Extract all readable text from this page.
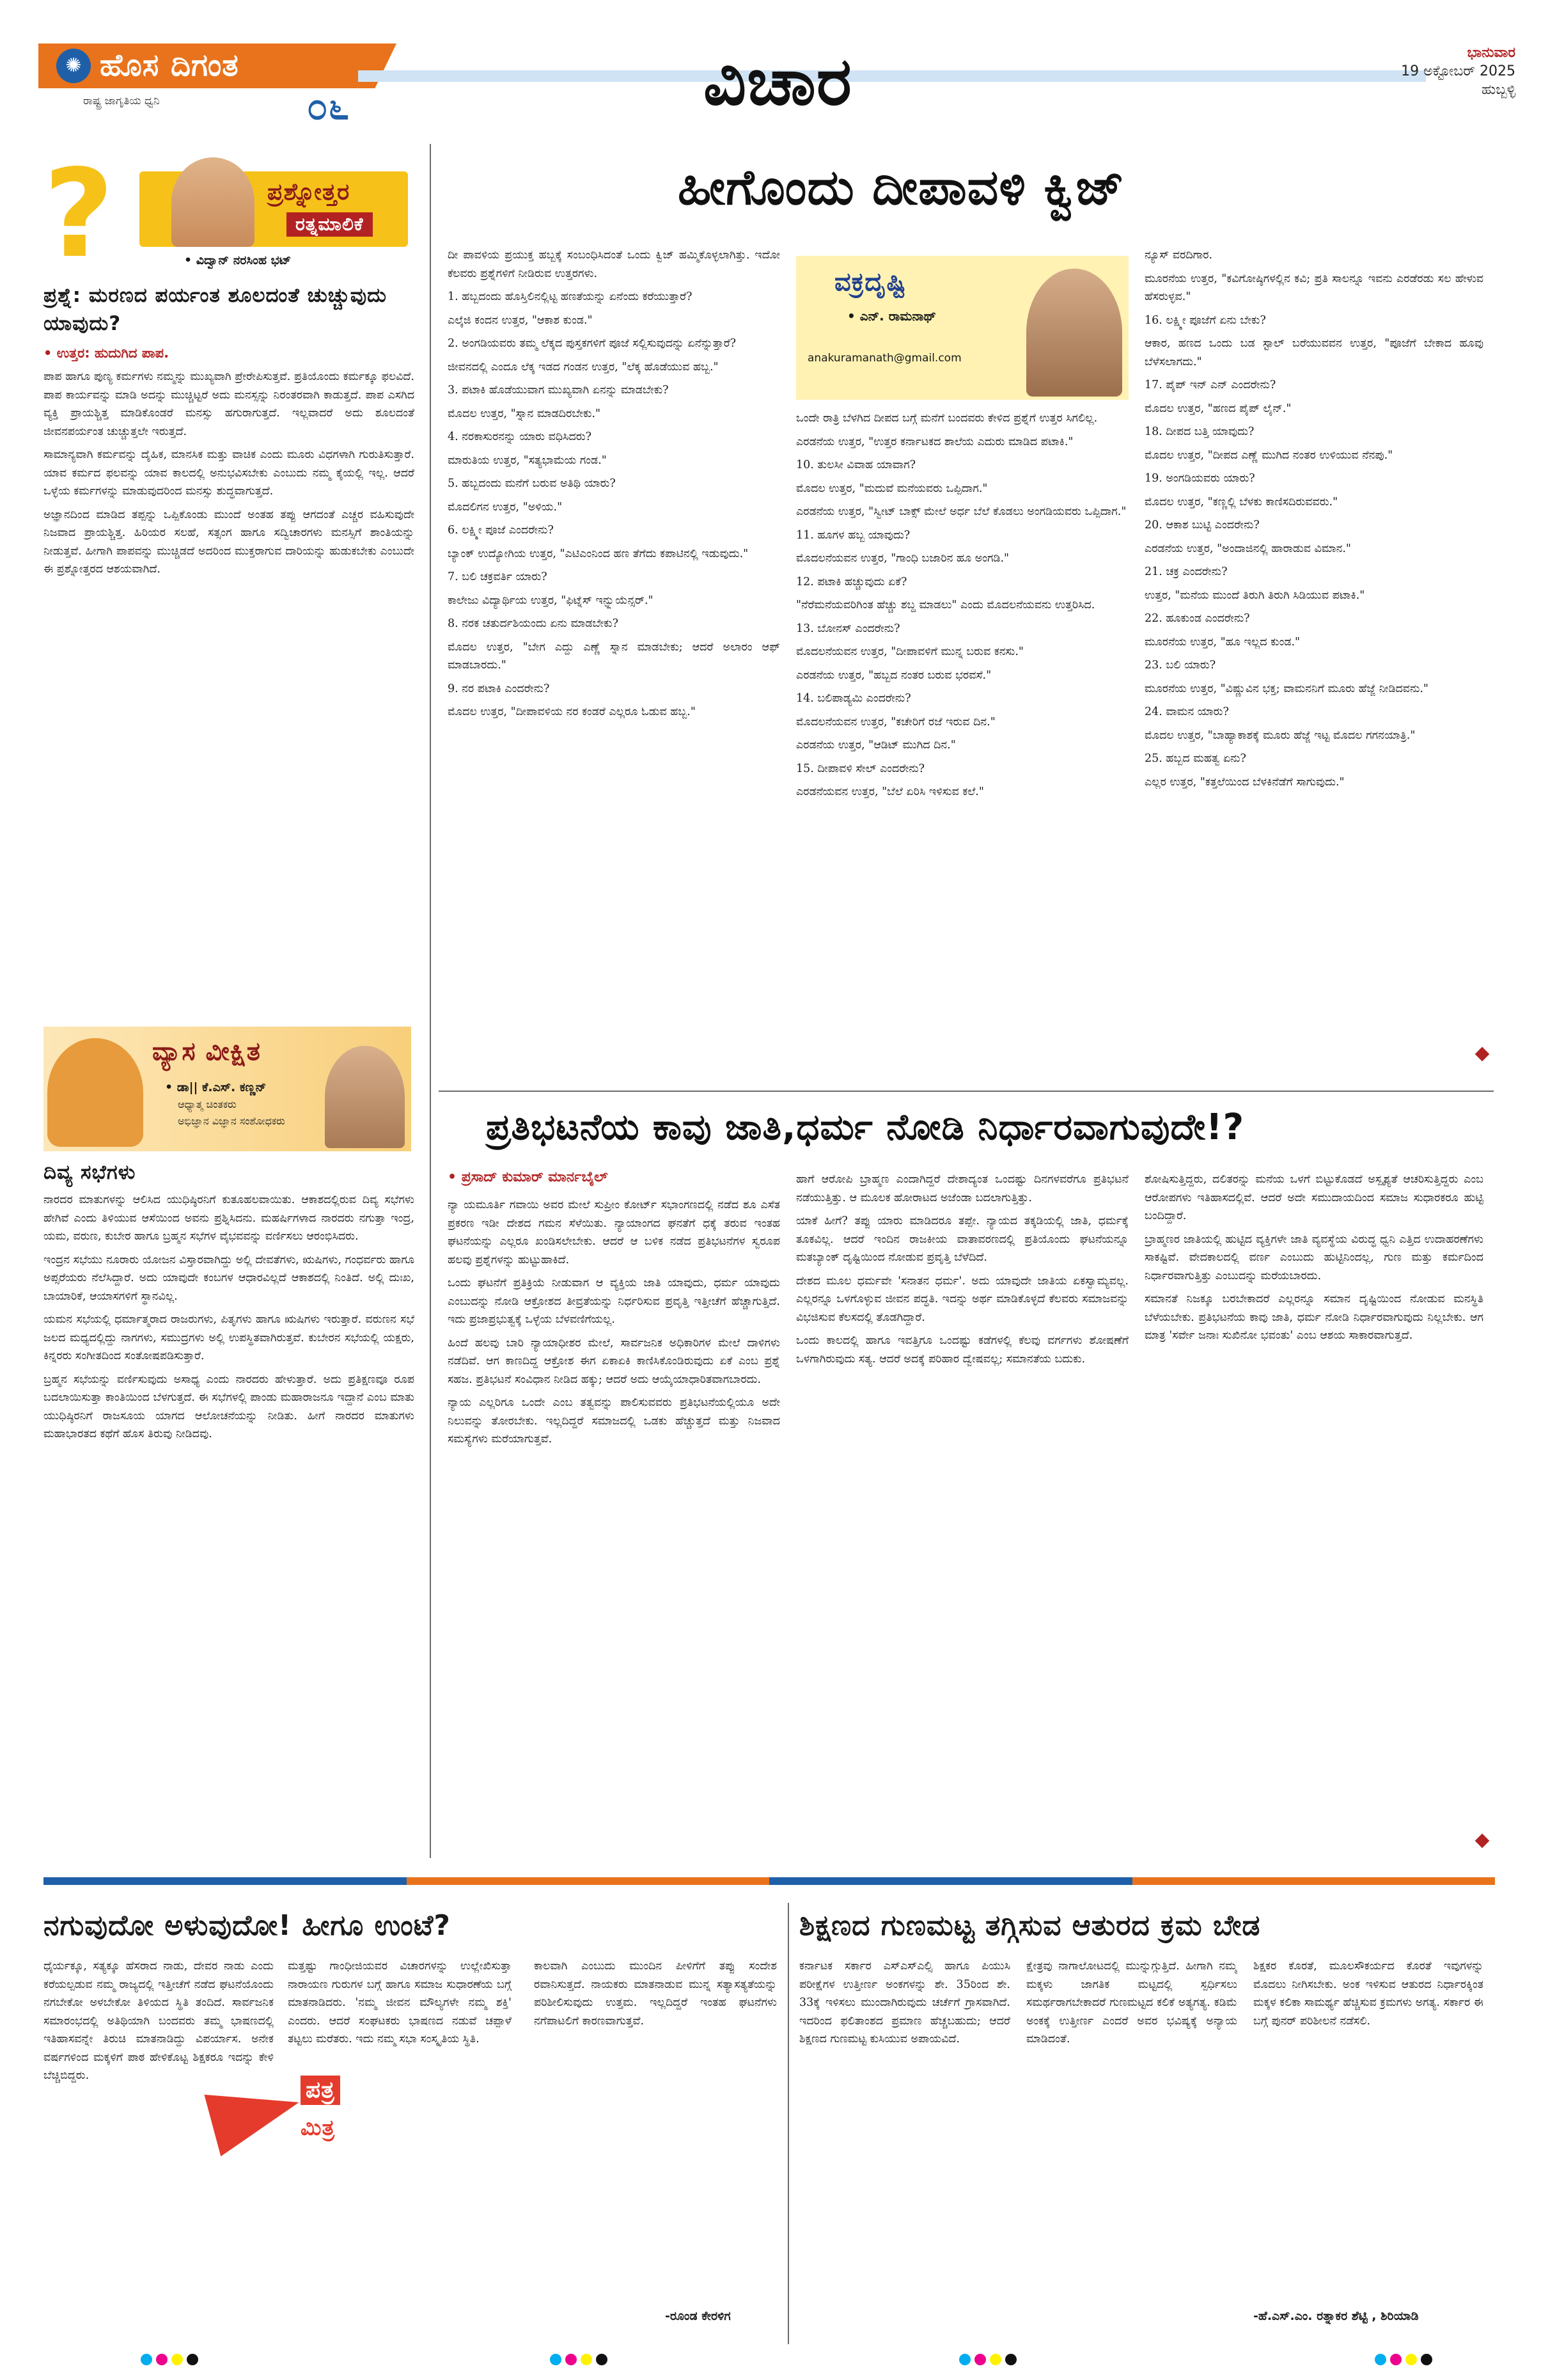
✺ ಹೊಸ ದಿಗಂತ
ರಾಷ್ಟ್ರ ಜಾಗೃತಿಯ ಧ್ವನಿ	೦೬	ವಿಚಾರ	ಭಾನುವಾರ
19 ಅಕ್ಟೋಬರ್ 2025
ಹುಬ್ಬಳ್ಳಿ
?	ಪ್ರಶ್ನೋತ್ತರ
ರತ್ನಮಾಲಿಕೆ
• ವಿದ್ವಾನ್ ನರಸಿಂಹ ಭಟ್
ಪ್ರಶ್ನೆ: ಮರಣದ ಪರ್ಯಂತ ಶೂಲದಂತೆ ಚುಚ್ಚುವುದು ಯಾವುದು?
• ಉತ್ತರ: ಹುದುಗಿದ ಪಾಪ.

ಪಾಪ ಹಾಗೂ ಪುಣ್ಯ ಕರ್ಮಗಳು ನಮ್ಮನ್ನು ಮುಖ್ಯವಾಗಿ ಪ್ರೇರೇಪಿಸುತ್ತವೆ. ಪ್ರತಿಯೊಂದು ಕರ್ಮಕ್ಕೂ ಫಲವಿದೆ. ಪಾಪ ಕಾರ್ಯವನ್ನು ಮಾಡಿ ಅದನ್ನು ಮುಚ್ಚಿಟ್ಟರೆ ಅದು ಮನಸ್ಸನ್ನು ನಿರಂತರವಾಗಿ ಕಾಡುತ್ತದೆ. ಪಾಪ ಎಸಗಿದ ವ್ಯಕ್ತಿ ಪ್ರಾಯಶ್ಚಿತ್ತ ಮಾಡಿಕೊಂಡರೆ ಮನಸ್ಸು ಹಗುರಾಗುತ್ತದೆ. ಇಲ್ಲವಾದರೆ ಅದು ಶೂಲದಂತೆ ಜೀವನಪರ್ಯಂತ ಚುಚ್ಚುತ್ತಲೇ ಇರುತ್ತದೆ.

ಸಾಮಾನ್ಯವಾಗಿ ಕರ್ಮವನ್ನು ದೈಹಿಕ, ಮಾನಸಿಕ ಮತ್ತು ವಾಚಿಕ ಎಂದು ಮೂರು ವಿಧಗಳಾಗಿ ಗುರುತಿಸುತ್ತಾರೆ. ಯಾವ ಕರ್ಮದ ಫಲವನ್ನು ಯಾವ ಕಾಲದಲ್ಲಿ ಅನುಭವಿಸಬೇಕು ಎಂಬುದು ನಮ್ಮ ಕೈಯಲ್ಲಿ ಇಲ್ಲ. ಆದರೆ ಒಳ್ಳೆಯ ಕರ್ಮಗಳನ್ನು ಮಾಡುವುದರಿಂದ ಮನಸ್ಸು ಶುದ್ಧವಾಗುತ್ತದೆ.

ಅಜ್ಞಾನದಿಂದ ಮಾಡಿದ ತಪ್ಪನ್ನು ಒಪ್ಪಿಕೊಂಡು ಮುಂದೆ ಅಂತಹ ತಪ್ಪು ಆಗದಂತೆ ಎಚ್ಚರ ವಹಿಸುವುದೇ ನಿಜವಾದ ಪ್ರಾಯಶ್ಚಿತ್ತ. ಹಿರಿಯರ ಸಲಹೆ, ಸತ್ಸಂಗ ಹಾಗೂ ಸದ್ವಿಚಾರಗಳು ಮನಸ್ಸಿಗೆ ಶಾಂತಿಯನ್ನು ನೀಡುತ್ತವೆ. ಹೀಗಾಗಿ ಪಾಪವನ್ನು ಮುಚ್ಚಿಡದೆ ಅದರಿಂದ ಮುಕ್ತರಾಗುವ ದಾರಿಯನ್ನು ಹುಡುಕಬೇಕು ಎಂಬುದೇ ಈ ಪ್ರಶ್ನೋತ್ತರದ ಆಶಯವಾಗಿದೆ.

ವ್ಯಾಸ ವೀಕ್ಷಿತ
• ಡಾ|| ಕೆ.ಎಸ್. ಕಣ್ಣನ್
ಆಧ್ಯಾತ್ಮ ಚಿಂತಕರು
ಅಭಿಜ್ಞಾನ ವಿಜ್ಞಾನ ಸಂಶೋಧಕರು
ದಿವ್ಯ ಸಭೆಗಳು

ನಾರದರ ಮಾತುಗಳನ್ನು ಆಲಿಸಿದ ಯುಧಿಷ್ಠಿರನಿಗೆ ಕುತೂಹಲವಾಯಿತು. ಆಕಾಶದಲ್ಲಿರುವ ದಿವ್ಯ ಸಭೆಗಳು ಹೇಗಿವೆ ಎಂದು ತಿಳಿಯುವ ಆಸೆಯಿಂದ ಅವನು ಪ್ರಶ್ನಿಸಿದನು. ಮಹರ್ಷಿಗಳಾದ ನಾರದರು ನಗುತ್ತಾ ಇಂದ್ರ, ಯಮ, ವರುಣ, ಕುಬೇರ ಹಾಗೂ ಬ್ರಹ್ಮನ ಸಭೆಗಳ ವೈಭವವನ್ನು ವರ್ಣಿಸಲು ಆರಂಭಿಸಿದರು.

ಇಂದ್ರನ ಸಭೆಯು ನೂರಾರು ಯೋಜನ ವಿಸ್ತಾರವಾಗಿದ್ದು ಅಲ್ಲಿ ದೇವತೆಗಳು, ಋಷಿಗಳು, ಗಂಧರ್ವರು ಹಾಗೂ ಅಪ್ಸರೆಯರು ನೆಲೆಸಿದ್ದಾರೆ. ಅದು ಯಾವುದೇ ಕಂಬಗಳ ಆಧಾರವಿಲ್ಲದೆ ಆಕಾಶದಲ್ಲಿ ನಿಂತಿದೆ. ಅಲ್ಲಿ ದುಃಖ, ಬಾಯಾರಿಕೆ, ಆಯಾಸಗಳಿಗೆ ಸ್ಥಾನವಿಲ್ಲ.

ಯಮನ ಸಭೆಯಲ್ಲಿ ಧರ್ಮಾತ್ಮರಾದ ರಾಜರುಗಳು, ಪಿತೃಗಳು ಹಾಗೂ ಋಷಿಗಳು ಇರುತ್ತಾರೆ. ವರುಣನ ಸಭೆ ಜಲದ ಮಧ್ಯದಲ್ಲಿದ್ದು ನಾಗಗಳು, ಸಮುದ್ರಗಳು ಅಲ್ಲಿ ಉಪಸ್ಥಿತವಾಗಿರುತ್ತವೆ. ಕುಬೇರನ ಸಭೆಯಲ್ಲಿ ಯಕ್ಷರು, ಕಿನ್ನರರು ಸಂಗೀತದಿಂದ ಸಂತೋಷಪಡಿಸುತ್ತಾರೆ.

ಬ್ರಹ್ಮನ ಸಭೆಯನ್ನು ವರ್ಣಿಸುವುದು ಅಸಾಧ್ಯ ಎಂದು ನಾರದರು ಹೇಳುತ್ತಾರೆ. ಅದು ಪ್ರತಿಕ್ಷಣವೂ ರೂಪ ಬದಲಾಯಿಸುತ್ತಾ ಕಾಂತಿಯಿಂದ ಬೆಳಗುತ್ತದೆ. ಈ ಸಭೆಗಳಲ್ಲಿ ಪಾಂಡು ಮಹಾರಾಜನೂ ಇದ್ದಾನೆ ಎಂಬ ಮಾತು ಯುಧಿಷ್ಠಿರನಿಗೆ ರಾಜಸೂಯ ಯಾಗದ ಆಲೋಚನೆಯನ್ನು ನೀಡಿತು. ಹೀಗೆ ನಾರದರ ಮಾತುಗಳು ಮಹಾಭಾರತದ ಕಥೆಗೆ ಹೊಸ ತಿರುವು ನೀಡಿದವು.

ಹೀಗೊಂದು ದೀಪಾವಳಿ ಕ್ವಿಜ್

ದೀ ಪಾವಳಿಯ ಪ್ರಯುಕ್ತ ಹಬ್ಬಕ್ಕೆ ಸಂಬಂಧಿಸಿದಂತೆ ಒಂದು ಕ್ವಿಜ್ ಹಮ್ಮಿಕೊಳ್ಳಲಾಗಿತ್ತು. ಇದೋ ಕೆಲವರು ಪ್ರಶ್ನೆಗಳಿಗೆ ನೀಡಿರುವ ಉತ್ತರಗಳು.

1. ಹಬ್ಬದಂದು ಹೊಸ್ತಿಲಿನಲ್ಲಿಟ್ಟ ಹಣತೆಯನ್ನು ಏನೆಂದು ಕರೆಯುತ್ತಾರೆ?

ಎಲ್ಕೆಜಿ ಕಂದನ ಉತ್ತರ, "ಆಕಾಶ ಕುಂಡ."

2. ಅಂಗಡಿಯವರು ತಮ್ಮ ಲೆಕ್ಕದ ಪುಸ್ತಕಗಳಿಗೆ ಪೂಜೆ ಸಲ್ಲಿಸುವುದನ್ನು ಏನೆನ್ನುತ್ತಾರೆ?

ಜೀವನದಲ್ಲಿ ಎಂದೂ ಲೆಕ್ಕ ಇಡದ ಗಂಡನ ಉತ್ತರ, "ಲೆಕ್ಕ ಹೊಡೆಯುವ ಹಬ್ಬ."

3. ಪಟಾಕಿ ಹೊಡೆಯುವಾಗ ಮುಖ್ಯವಾಗಿ ಏನನ್ನು ಮಾಡಬೇಕು?

ಮೊದಲ ಉತ್ತರ, "ಸ್ನಾನ ಮಾಡದಿರಬೇಕು."

4. ನರಕಾಸುರನನ್ನು ಯಾರು ವಧಿಸಿದರು?

ಮಾರುತಿಯ ಉತ್ತರ, "ಸತ್ಯಭಾಮೆಯ ಗಂಡ."

5. ಹಬ್ಬದಂದು ಮನೆಗೆ ಬರುವ ಅತಿಥಿ ಯಾರು?

ಮೊದಲಿಗನ ಉತ್ತರ, "ಅಳಿಯ."

6. ಲಕ್ಷ್ಮೀ ಪೂಜೆ ಎಂದರೇನು?

ಬ್ಯಾಂಕ್ ಉದ್ಯೋಗಿಯ ಉತ್ತರ, "ಎಟಿಎಂನಿಂದ ಹಣ ತೆಗೆದು ಕಪಾಟಿನಲ್ಲಿ ಇಡುವುದು."

7. ಬಲಿ ಚಕ್ರವರ್ತಿ ಯಾರು?

ಕಾಲೇಜು ವಿದ್ಯಾರ್ಥಿಯ ಉತ್ತರ, "ಫಿಟ್ನೆಸ್ ಇನ್ಫ್ಲುಯೆನ್ಸರ್."

8. ನರಕ ಚತುರ್ದಶಿಯಂದು ಏನು ಮಾಡಬೇಕು?

ಮೊದಲ ಉತ್ತರ, "ಬೇಗ ಎದ್ದು ಎಣ್ಣೆ ಸ್ನಾನ ಮಾಡಬೇಕು; ಆದರೆ ಅಲಾರಂ ಆಫ್ ಮಾಡಬಾರದು."

9. ನರ ಪಟಾಕಿ ಎಂದರೇನು?

ಮೊದಲ ಉತ್ತರ, "ದೀಪಾವಳಿಯ ನರ ಕಂಡರೆ ಎಲ್ಲರೂ ಓಡುವ ಹಬ್ಬ."

ವಕ್ರದೃಷ್ಟಿ
• ಎನ್. ರಾಮನಾಥ್
anakuramanath@gmail.com

ಒಂದೇ ರಾತ್ರಿ ಬೆಳಗಿದ ದೀಪದ ಬಗ್ಗೆ ಮನೆಗೆ ಬಂದವರು ಕೇಳಿದ ಪ್ರಶ್ನೆಗೆ ಉತ್ತರ ಸಿಗಲಿಲ್ಲ.

ಎರಡನೆಯ ಉತ್ತರ, "ಉತ್ತರ ಕರ್ನಾಟಕದ ಶಾಲೆಯ ಎದುರು ಮಾಡಿದ ಪಟಾಕಿ."

10. ತುಲಸೀ ವಿವಾಹ ಯಾವಾಗ?

ಮೊದಲ ಉತ್ತರ, "ಮದುವೆ ಮನೆಯವರು ಒಪ್ಪಿದಾಗ."

ಎರಡನೆಯ ಉತ್ತರ, "ಸ್ವೀಟ್ ಬಾಕ್ಸ್ ಮೇಲೆ ಅರ್ಧ ಬೆಲೆ ಕೊಡಲು ಅಂಗಡಿಯವರು ಒಪ್ಪಿದಾಗ."

11. ಹೂಗಳ ಹಬ್ಬ ಯಾವುದು?

ಮೊದಲನೆಯವನ ಉತ್ತರ, "ಗಾಂಧಿ ಬಜಾರಿನ ಹೂ ಅಂಗಡಿ."

12. ಪಟಾಕಿ ಹಚ್ಚುವುದು ಏಕೆ?

"ನೆರೆಮನೆಯವರಿಗಿಂತ ಹೆಚ್ಚು ಶಬ್ದ ಮಾಡಲು" ಎಂದು ಮೊದಲನೆಯವನು ಉತ್ತರಿಸಿದ.

13. ಬೋನಸ್ ಎಂದರೇನು?

ಮೊದಲನೆಯವನ ಉತ್ತರ, "ದೀಪಾವಳಿಗೆ ಮುನ್ನ ಬರುವ ಕನಸು."

ಎರಡನೆಯ ಉತ್ತರ, "ಹಬ್ಬದ ನಂತರ ಬರುವ ಭರವಸೆ."

14. ಬಲಿಪಾಡ್ಯಮಿ ಎಂದರೇನು?

ಮೊದಲನೆಯವನ ಉತ್ತರ, "ಕಚೇರಿಗೆ ರಜೆ ಇರುವ ದಿನ."

ಎರಡನೆಯ ಉತ್ತರ, "ಆಡಿಟ್ ಮುಗಿದ ದಿನ."

15. ದೀಪಾವಳಿ ಸೇಲ್ ಎಂದರೇನು?

ಎರಡನೆಯವನ ಉತ್ತರ, "ಬೆಲೆ ಏರಿಸಿ ಇಳಿಸುವ ಕಲೆ."

ನ್ಯೂಸ್ ವರದಿಗಾರ.

ಮೂರನೆಯ ಉತ್ತರ, "ಕವಿಗೋಷ್ಠಿಗಳಲ್ಲಿನ ಕವಿ; ಪ್ರತಿ ಸಾಲನ್ನೂ ಇವನು ಎರಡೆರಡು ಸಲ ಹೇಳುವ ಹೆಸರುಳ್ಳವ."

16. ಲಕ್ಷ್ಮೀ ಪೂಜೆಗೆ ಏನು ಬೇಕು?

ಆಕಾರ, ಹಣದ ಒಂದು ಬಡ ಸ್ಟಾಲ್ ಬರೆಯುವವನ ಉತ್ತರ, "ಪೂಜೆಗೆ ಬೇಕಾದ ಹೂವು ಬೆಳೆಸಲಾಗದು."

17. ಪೈಪ್ ಇನ್ ಎನ್ ಎಂದರೇನು?

ಮೊದಲ ಉತ್ತರ, "ಹಣದ ಪೈಪ್ ಲೈನ್."

18. ದೀಪದ ಬತ್ತಿ ಯಾವುದು?

ಮೊದಲ ಉತ್ತರ, "ದೀಪದ ಎಣ್ಣೆ ಮುಗಿದ ನಂತರ ಉಳಿಯುವ ನೆನಪು."

19. ಅಂಗಡಿಯವರು ಯಾರು?

ಮೊದಲ ಉತ್ತರ, "ಕಣ್ಣಲ್ಲಿ ಬೆಳಕು ಕಾಣಿಸದಿರುವವರು."

20. ಆಕಾಶ ಬುಟ್ಟಿ ಎಂದರೇನು?

ಎರಡನೆಯ ಉತ್ತರ, "ಅಂದಾಜಿನಲ್ಲಿ ಹಾರಾಡುವ ವಿಮಾನ."

21. ಚಕ್ರ ಎಂದರೇನು?

ಉತ್ತರ, "ಮನೆಯ ಮುಂದೆ ತಿರುಗಿ ತಿರುಗಿ ಸಿಡಿಯುವ ಪಟಾಕಿ."

22. ಹೂಕುಂಡ ಎಂದರೇನು?

ಮೂರನೆಯ ಉತ್ತರ, "ಹೂ ಇಲ್ಲದ ಕುಂಡ."

23. ಬಲಿ ಯಾರು?

ಮೂರನೆಯ ಉತ್ತರ, "ವಿಷ್ಣುವಿನ ಭಕ್ತ; ವಾಮನನಿಗೆ ಮೂರು ಹೆಜ್ಜೆ ನೀಡಿದವನು."

24. ವಾಮನ ಯಾರು?

ಮೊದಲ ಉತ್ತರ, "ಬಾಹ್ಯಾಕಾಶಕ್ಕೆ ಮೂರು ಹೆಜ್ಜೆ ಇಟ್ಟ ಮೊದಲ ಗಗನಯಾತ್ರಿ."

25. ಹಬ್ಬದ ಮಹತ್ವ ಏನು?

ಎಲ್ಲರ ಉತ್ತರ, "ಕತ್ತಲೆಯಿಂದ ಬೆಳಕಿನೆಡೆಗೆ ಸಾಗುವುದು."

ಪ್ರತಿಭಟನೆಯ ಕಾವು ಜಾತಿ,ಧರ್ಮ ನೋಡಿ ನಿರ್ಧಾರವಾಗುವುದೇ!?
• ಪ್ರಸಾದ್ ಕುಮಾರ್ ಮಾರ್ನಬೈಲ್

ನ್ಯಾ ಯಮೂರ್ತಿ ಗವಾಯಿ ಅವರ ಮೇಲೆ ಸುಪ್ರೀಂ ಕೋರ್ಟ್ ಸಭಾಂಗಣದಲ್ಲಿ ನಡೆದ ಶೂ ಎಸೆತ ಪ್ರಕರಣ ಇಡೀ ದೇಶದ ಗಮನ ಸೆಳೆಯಿತು. ನ್ಯಾಯಾಂಗದ ಘನತೆಗೆ ಧಕ್ಕೆ ತರುವ ಇಂತಹ ಘಟನೆಯನ್ನು ಎಲ್ಲರೂ ಖಂಡಿಸಲೇಬೇಕು. ಆದರೆ ಆ ಬಳಿಕ ನಡೆದ ಪ್ರತಿಭಟನೆಗಳ ಸ್ವರೂಪ ಹಲವು ಪ್ರಶ್ನೆಗಳನ್ನು ಹುಟ್ಟುಹಾಕಿದೆ.

ಒಂದು ಘಟನೆಗೆ ಪ್ರತಿಕ್ರಿಯೆ ನೀಡುವಾಗ ಆ ವ್ಯಕ್ತಿಯ ಜಾತಿ ಯಾವುದು, ಧರ್ಮ ಯಾವುದು ಎಂಬುದನ್ನು ನೋಡಿ ಆಕ್ರೋಶದ ತೀವ್ರತೆಯನ್ನು ನಿರ್ಧರಿಸುವ ಪ್ರವೃತ್ತಿ ಇತ್ತೀಚೆಗೆ ಹೆಚ್ಚಾಗುತ್ತಿದೆ. ಇದು ಪ್ರಜಾಪ್ರಭುತ್ವಕ್ಕೆ ಒಳ್ಳೆಯ ಬೆಳವಣಿಗೆಯಲ್ಲ.

ಹಿಂದೆ ಹಲವು ಬಾರಿ ನ್ಯಾಯಾಧೀಶರ ಮೇಲೆ, ಸಾರ್ವಜನಿಕ ಅಧಿಕಾರಿಗಳ ಮೇಲೆ ದಾಳಿಗಳು ನಡೆದಿವೆ. ಆಗ ಕಾಣದಿದ್ದ ಆಕ್ರೋಶ ಈಗ ಏಕಾಏಕಿ ಕಾಣಿಸಿಕೊಂಡಿರುವುದು ಏಕೆ ಎಂಬ ಪ್ರಶ್ನೆ ಸಹಜ. ಪ್ರತಿಭಟನೆ ಸಂವಿಧಾನ ನೀಡಿದ ಹಕ್ಕು; ಆದರೆ ಅದು ಆಯ್ಕೆಯಾಧಾರಿತವಾಗಬಾರದು.

ನ್ಯಾಯ ಎಲ್ಲರಿಗೂ ಒಂದೇ ಎಂಬ ತತ್ವವನ್ನು ಪಾಲಿಸುವವರು ಪ್ರತಿಭಟನೆಯಲ್ಲಿಯೂ ಅದೇ ನಿಲುವನ್ನು ತೋರಬೇಕು. ಇಲ್ಲದಿದ್ದರೆ ಸಮಾಜದಲ್ಲಿ ಒಡಕು ಹೆಚ್ಚುತ್ತದೆ ಮತ್ತು ನಿಜವಾದ ಸಮಸ್ಯೆಗಳು ಮರೆಯಾಗುತ್ತವೆ.

ಹಾಗೆ ಆರೋಪಿ ಬ್ರಾಹ್ಮಣ ಎಂದಾಗಿದ್ದರೆ ದೇಶಾದ್ಯಂತ ಒಂದಷ್ಟು ದಿನಗಳವರೆಗೂ ಪ್ರತಿಭಟನೆ ನಡೆಯುತ್ತಿತ್ತು. ಆ ಮೂಲಕ ಹೋರಾಟದ ಅಜೆಂಡಾ ಬದಲಾಗುತ್ತಿತ್ತು.

ಯಾಕೆ ಹೀಗೆ? ತಪ್ಪು ಯಾರು ಮಾಡಿದರೂ ತಪ್ಪೇ. ನ್ಯಾಯದ ತಕ್ಕಡಿಯಲ್ಲಿ ಜಾತಿ, ಧರ್ಮಕ್ಕೆ ತೂಕವಿಲ್ಲ. ಆದರೆ ಇಂದಿನ ರಾಜಕೀಯ ವಾತಾವರಣದಲ್ಲಿ ಪ್ರತಿಯೊಂದು ಘಟನೆಯನ್ನೂ ಮತಬ್ಯಾಂಕ್ ದೃಷ್ಟಿಯಿಂದ ನೋಡುವ ಪ್ರವೃತ್ತಿ ಬೆಳೆದಿದೆ.

ದೇಶದ ಮೂಲ ಧರ್ಮವೇ 'ಸನಾತನ ಧರ್ಮ'. ಅದು ಯಾವುದೇ ಜಾತಿಯ ಏಕಸ್ವಾಮ್ಯವಲ್ಲ. ಎಲ್ಲರನ್ನೂ ಒಳಗೊಳ್ಳುವ ಜೀವನ ಪದ್ಧತಿ. ಇದನ್ನು ಅರ್ಥ ಮಾಡಿಕೊಳ್ಳದೆ ಕೆಲವರು ಸಮಾಜವನ್ನು ವಿಭಜಿಸುವ ಕೆಲಸದಲ್ಲಿ ತೊಡಗಿದ್ದಾರೆ.

ಒಂದು ಕಾಲದಲ್ಲಿ ಹಾಗೂ ಇವತ್ತಿಗೂ ಒಂದಷ್ಟು ಕಡೆಗಳಲ್ಲಿ ಕೆಲವು ವರ್ಗಗಳು ಶೋಷಣೆಗೆ ಒಳಗಾಗಿರುವುದು ಸತ್ಯ. ಆದರೆ ಅದಕ್ಕೆ ಪರಿಹಾರ ದ್ವೇಷವಲ್ಲ; ಸಮಾನತೆಯ ಬದುಕು.

ಶೋಷಿಸುತ್ತಿದ್ದರು, ದಲಿತರನ್ನು ಮನೆಯ ಒಳಗೆ ಬಿಟ್ಟುಕೊಡದೆ ಅಸ್ಪೃಶ್ಯತೆ ಆಚರಿಸುತ್ತಿದ್ದರು ಎಂಬ ಆರೋಪಗಳು ಇತಿಹಾಸದಲ್ಲಿವೆ. ಆದರೆ ಅದೇ ಸಮುದಾಯದಿಂದ ಸಮಾಜ ಸುಧಾರಕರೂ ಹುಟ್ಟಿ ಬಂದಿದ್ದಾರೆ.

ಬ್ರಾಹ್ಮಣರ ಜಾತಿಯಲ್ಲಿ ಹುಟ್ಟಿದ ವ್ಯಕ್ತಿಗಳೇ ಜಾತಿ ವ್ಯವಸ್ಥೆಯ ವಿರುದ್ಧ ಧ್ವನಿ ಎತ್ತಿದ ಉದಾಹರಣೆಗಳು ಸಾಕಷ್ಟಿವೆ. ವೇದಕಾಲದಲ್ಲಿ ವರ್ಣ ಎಂಬುದು ಹುಟ್ಟಿನಿಂದಲ್ಲ, ಗುಣ ಮತ್ತು ಕರ್ಮದಿಂದ ನಿರ್ಧಾರವಾಗುತ್ತಿತ್ತು ಎಂಬುದನ್ನು ಮರೆಯಬಾರದು.

ಸಮಾನತೆ ನಿಜಕ್ಕೂ ಬರಬೇಕಾದರೆ ಎಲ್ಲರನ್ನೂ ಸಮಾನ ದೃಷ್ಟಿಯಿಂದ ನೋಡುವ ಮನಸ್ಥಿತಿ ಬೆಳೆಯಬೇಕು. ಪ್ರತಿಭಟನೆಯ ಕಾವು ಜಾತಿ, ಧರ್ಮ ನೋಡಿ ನಿರ್ಧಾರವಾಗುವುದು ನಿಲ್ಲಬೇಕು. ಆಗ ಮಾತ್ರ 'ಸರ್ವೇ ಜನಾಃ ಸುಖಿನೋ ಭವಂತು' ಎಂಬ ಆಶಯ ಸಾಕಾರವಾಗುತ್ತದೆ.

ನಗುವುದೋ ಅಳುವುದೋ! ಹೀಗೂ ಉಂಟೆ?	ಶಿಕ್ಷಣದ ಗುಣಮಟ್ಟ ತಗ್ಗಿಸುವ ಆತುರದ ಕ್ರಮ ಬೇಡ

ಧೈರ್ಯಕ್ಕೂ, ಸತ್ಯಕ್ಕೂ ಹೆಸರಾದ ನಾಡು, ದೇವರ ನಾಡು ಎಂದು ಕರೆಯಲ್ಪಡುವ ನಮ್ಮ ರಾಜ್ಯದಲ್ಲಿ ಇತ್ತೀಚೆಗೆ ನಡೆದ ಘಟನೆಯೊಂದು ನಗಬೇಕೋ ಅಳಬೇಕೋ ತಿಳಿಯದ ಸ್ಥಿತಿ ತಂದಿದೆ. ಸಾರ್ವಜನಿಕ ಸಮಾರಂಭದಲ್ಲಿ ಅತಿಥಿಯಾಗಿ ಬಂದವರು ತಮ್ಮ ಭಾಷಣದಲ್ಲಿ ಇತಿಹಾಸವನ್ನೇ ತಿರುಚಿ ಮಾತನಾಡಿದ್ದು ವಿಪರ್ಯಾಸ. ಅನೇಕ ವರ್ಷಗಳಿಂದ ಮಕ್ಕಳಿಗೆ ಪಾಠ ಹೇಳಿಕೊಟ್ಟ ಶಿಕ್ಷಕರೂ ಇದನ್ನು ಕೇಳಿ ಬೆಚ್ಚಿಬಿದ್ದರು.

ಪತ್ರ
ಮಿತ್ರ

ಮತ್ತಷ್ಟು ಗಾಂಧೀಜಿಯವರ ವಿಚಾರಗಳನ್ನು ಉಲ್ಲೇಖಿಸುತ್ತಾ ನಾರಾಯಣ ಗುರುಗಳ ಬಗ್ಗೆ ಹಾಗೂ ಸಮಾಜ ಸುಧಾರಣೆಯ ಬಗ್ಗೆ ಮಾತನಾಡಿದರು. 'ನಮ್ಮ ಜೀವನ ಮೌಲ್ಯಗಳೇ ನಮ್ಮ ಶಕ್ತಿ' ಎಂದರು. ಆದರೆ ಸಂಘಟಕರು ಭಾಷಣದ ನಡುವೆ ಚಪ್ಪಾಳೆ ತಟ್ಟಲು ಮರೆತರು. ಇದು ನಮ್ಮ ಸಭಾ ಸಂಸ್ಕೃತಿಯ ಸ್ಥಿತಿ.

ಕಾಲವಾಗಿ ಎಂಬುದು ಮುಂದಿನ ಪೀಳಿಗೆಗೆ ತಪ್ಪು ಸಂದೇಶ ರವಾನಿಸುತ್ತದೆ. ನಾಯಕರು ಮಾತನಾಡುವ ಮುನ್ನ ಸತ್ಯಾಸತ್ಯತೆಯನ್ನು ಪರಿಶೀಲಿಸುವುದು ಉತ್ತಮ. ಇಲ್ಲದಿದ್ದರೆ ಇಂತಹ ಘಟನೆಗಳು ನಗೆಪಾಟಲಿಗೆ ಕಾರಣವಾಗುತ್ತವೆ.

-ರೂಂಡ ಕೇರಳಿಗ

ಕರ್ನಾಟಕ ಸರ್ಕಾರ ಎಸ್ಎಸ್ಎಲ್ಸಿ ಹಾಗೂ ಪಿಯುಸಿ ಪರೀಕ್ಷೆಗಳ ಉತ್ತೀರ್ಣ ಅಂಕಗಳನ್ನು ಶೇ. 35ರಿಂದ ಶೇ. 33ಕ್ಕೆ ಇಳಿಸಲು ಮುಂದಾಗಿರುವುದು ಚರ್ಚೆಗೆ ಗ್ರಾಸವಾಗಿದೆ. ಇದರಿಂದ ಫಲಿತಾಂಶದ ಪ್ರಮಾಣ ಹೆಚ್ಚಬಹುದು; ಆದರೆ ಶಿಕ್ಷಣದ ಗುಣಮಟ್ಟ ಕುಸಿಯುವ ಅಪಾಯವಿದೆ.

ಕ್ಷೇತ್ರವು ನಾಗಾಲೋಟದಲ್ಲಿ ಮುನ್ನುಗ್ಗುತ್ತಿದೆ. ಹೀಗಾಗಿ ನಮ್ಮ ಮಕ್ಕಳು ಜಾಗತಿಕ ಮಟ್ಟದಲ್ಲಿ ಸ್ಪರ್ಧಿಸಲು ಸಮರ್ಥರಾಗಬೇಕಾದರೆ ಗುಣಮಟ್ಟದ ಕಲಿಕೆ ಅತ್ಯಗತ್ಯ. ಕಡಿಮೆ ಅಂಕಕ್ಕೆ ಉತ್ತೀರ್ಣ ಎಂದರೆ ಅವರ ಭವಿಷ್ಯಕ್ಕೆ ಅನ್ಯಾಯ ಮಾಡಿದಂತೆ.

ಶಿಕ್ಷಕರ ಕೊರತೆ, ಮೂಲಸೌಕರ್ಯದ ಕೊರತೆ ಇವುಗಳನ್ನು ಮೊದಲು ನೀಗಿಸಬೇಕು. ಅಂಕ ಇಳಿಸುವ ಆತುರದ ನಿರ್ಧಾರಕ್ಕಿಂತ ಮಕ್ಕಳ ಕಲಿಕಾ ಸಾಮರ್ಥ್ಯ ಹೆಚ್ಚಿಸುವ ಕ್ರಮಗಳು ಅಗತ್ಯ. ಸರ್ಕಾರ ಈ ಬಗ್ಗೆ ಪುನರ್ ಪರಿಶೀಲನೆ ನಡೆಸಲಿ.

-ಹೆ.ಎಸ್.ಎಂ. ರತ್ನಾಕರ ಶೆಟ್ಟಿ , ಶಿರಿಯಾಡಿ
